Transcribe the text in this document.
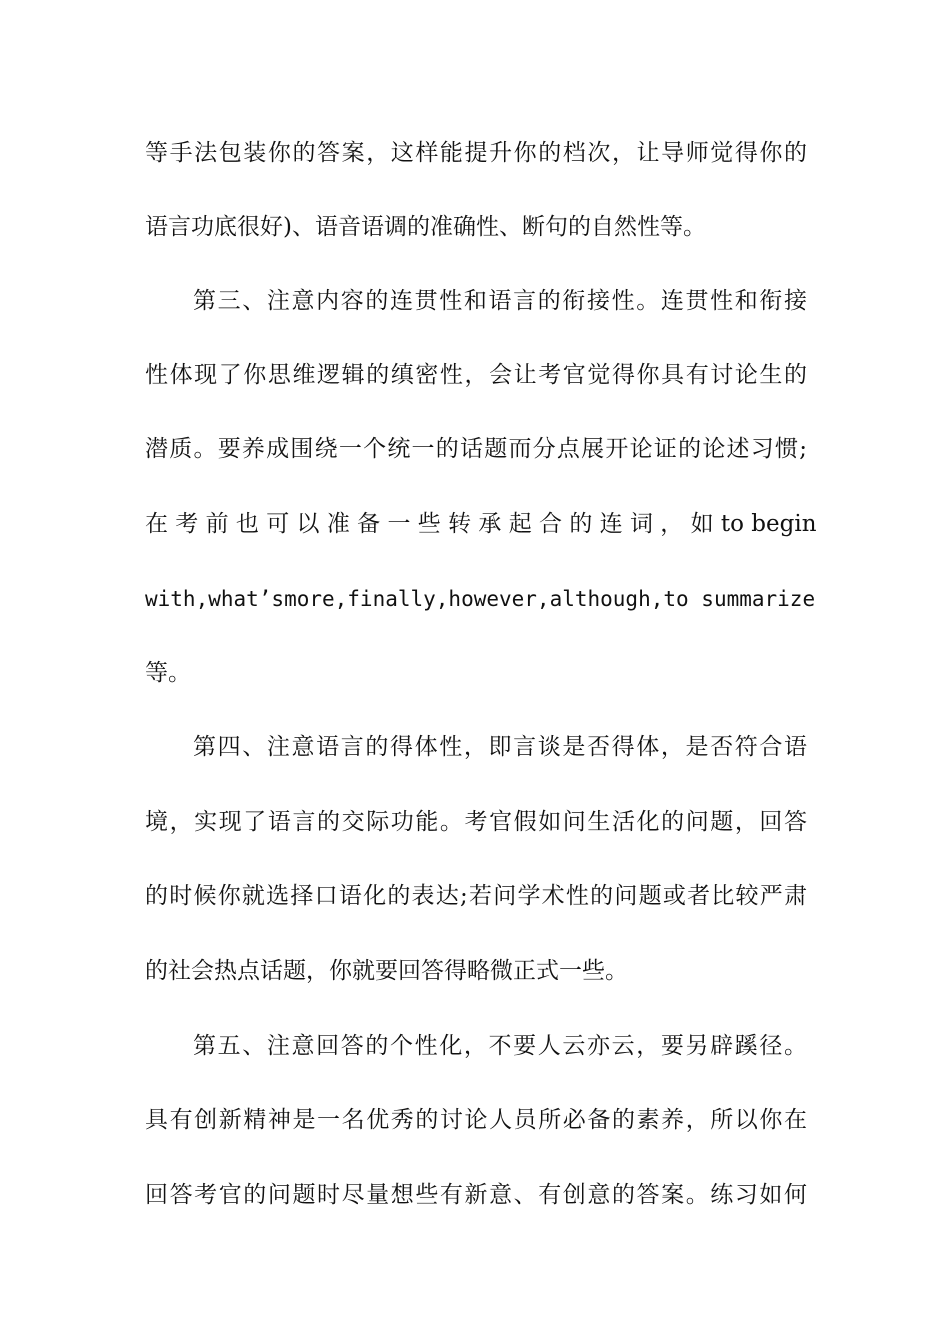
等手法包装你的答案，这样能提升你的档次，让导师觉得你的
语言功底很好)、语音语调的准确性、断句的自然性等。
第三、注意内容的连贯性和语言的衔接性。连贯性和衔接
性体现了你思维逻辑的缜密性，会让考官觉得你具有讨论生的
潜质。要养成围绕一个统一的话题而分点展开论证的论述习惯;
在 考 前 也 可 以 准 备 一 些 转 承 起 合 的 连 词 ， 如 to begin
with,what’smore,finally,however,although,to summarize
等。
第四、注意语言的得体性，即言谈是否得体，是否符合语
境，实现了语言的交际功能。考官假如问生活化的问题，回答
的时候你就选择口语化的表达;若问学术性的问题或者比较严肃
的社会热点话题，你就要回答得略微正式一些。
第五、注意回答的个性化，不要人云亦云，要另辟蹊径。
具有创新精神是一名优秀的讨论人员所必备的素养，所以你在
回答考官的问题时尽量想些有新意、有创意的答案。练习如何
